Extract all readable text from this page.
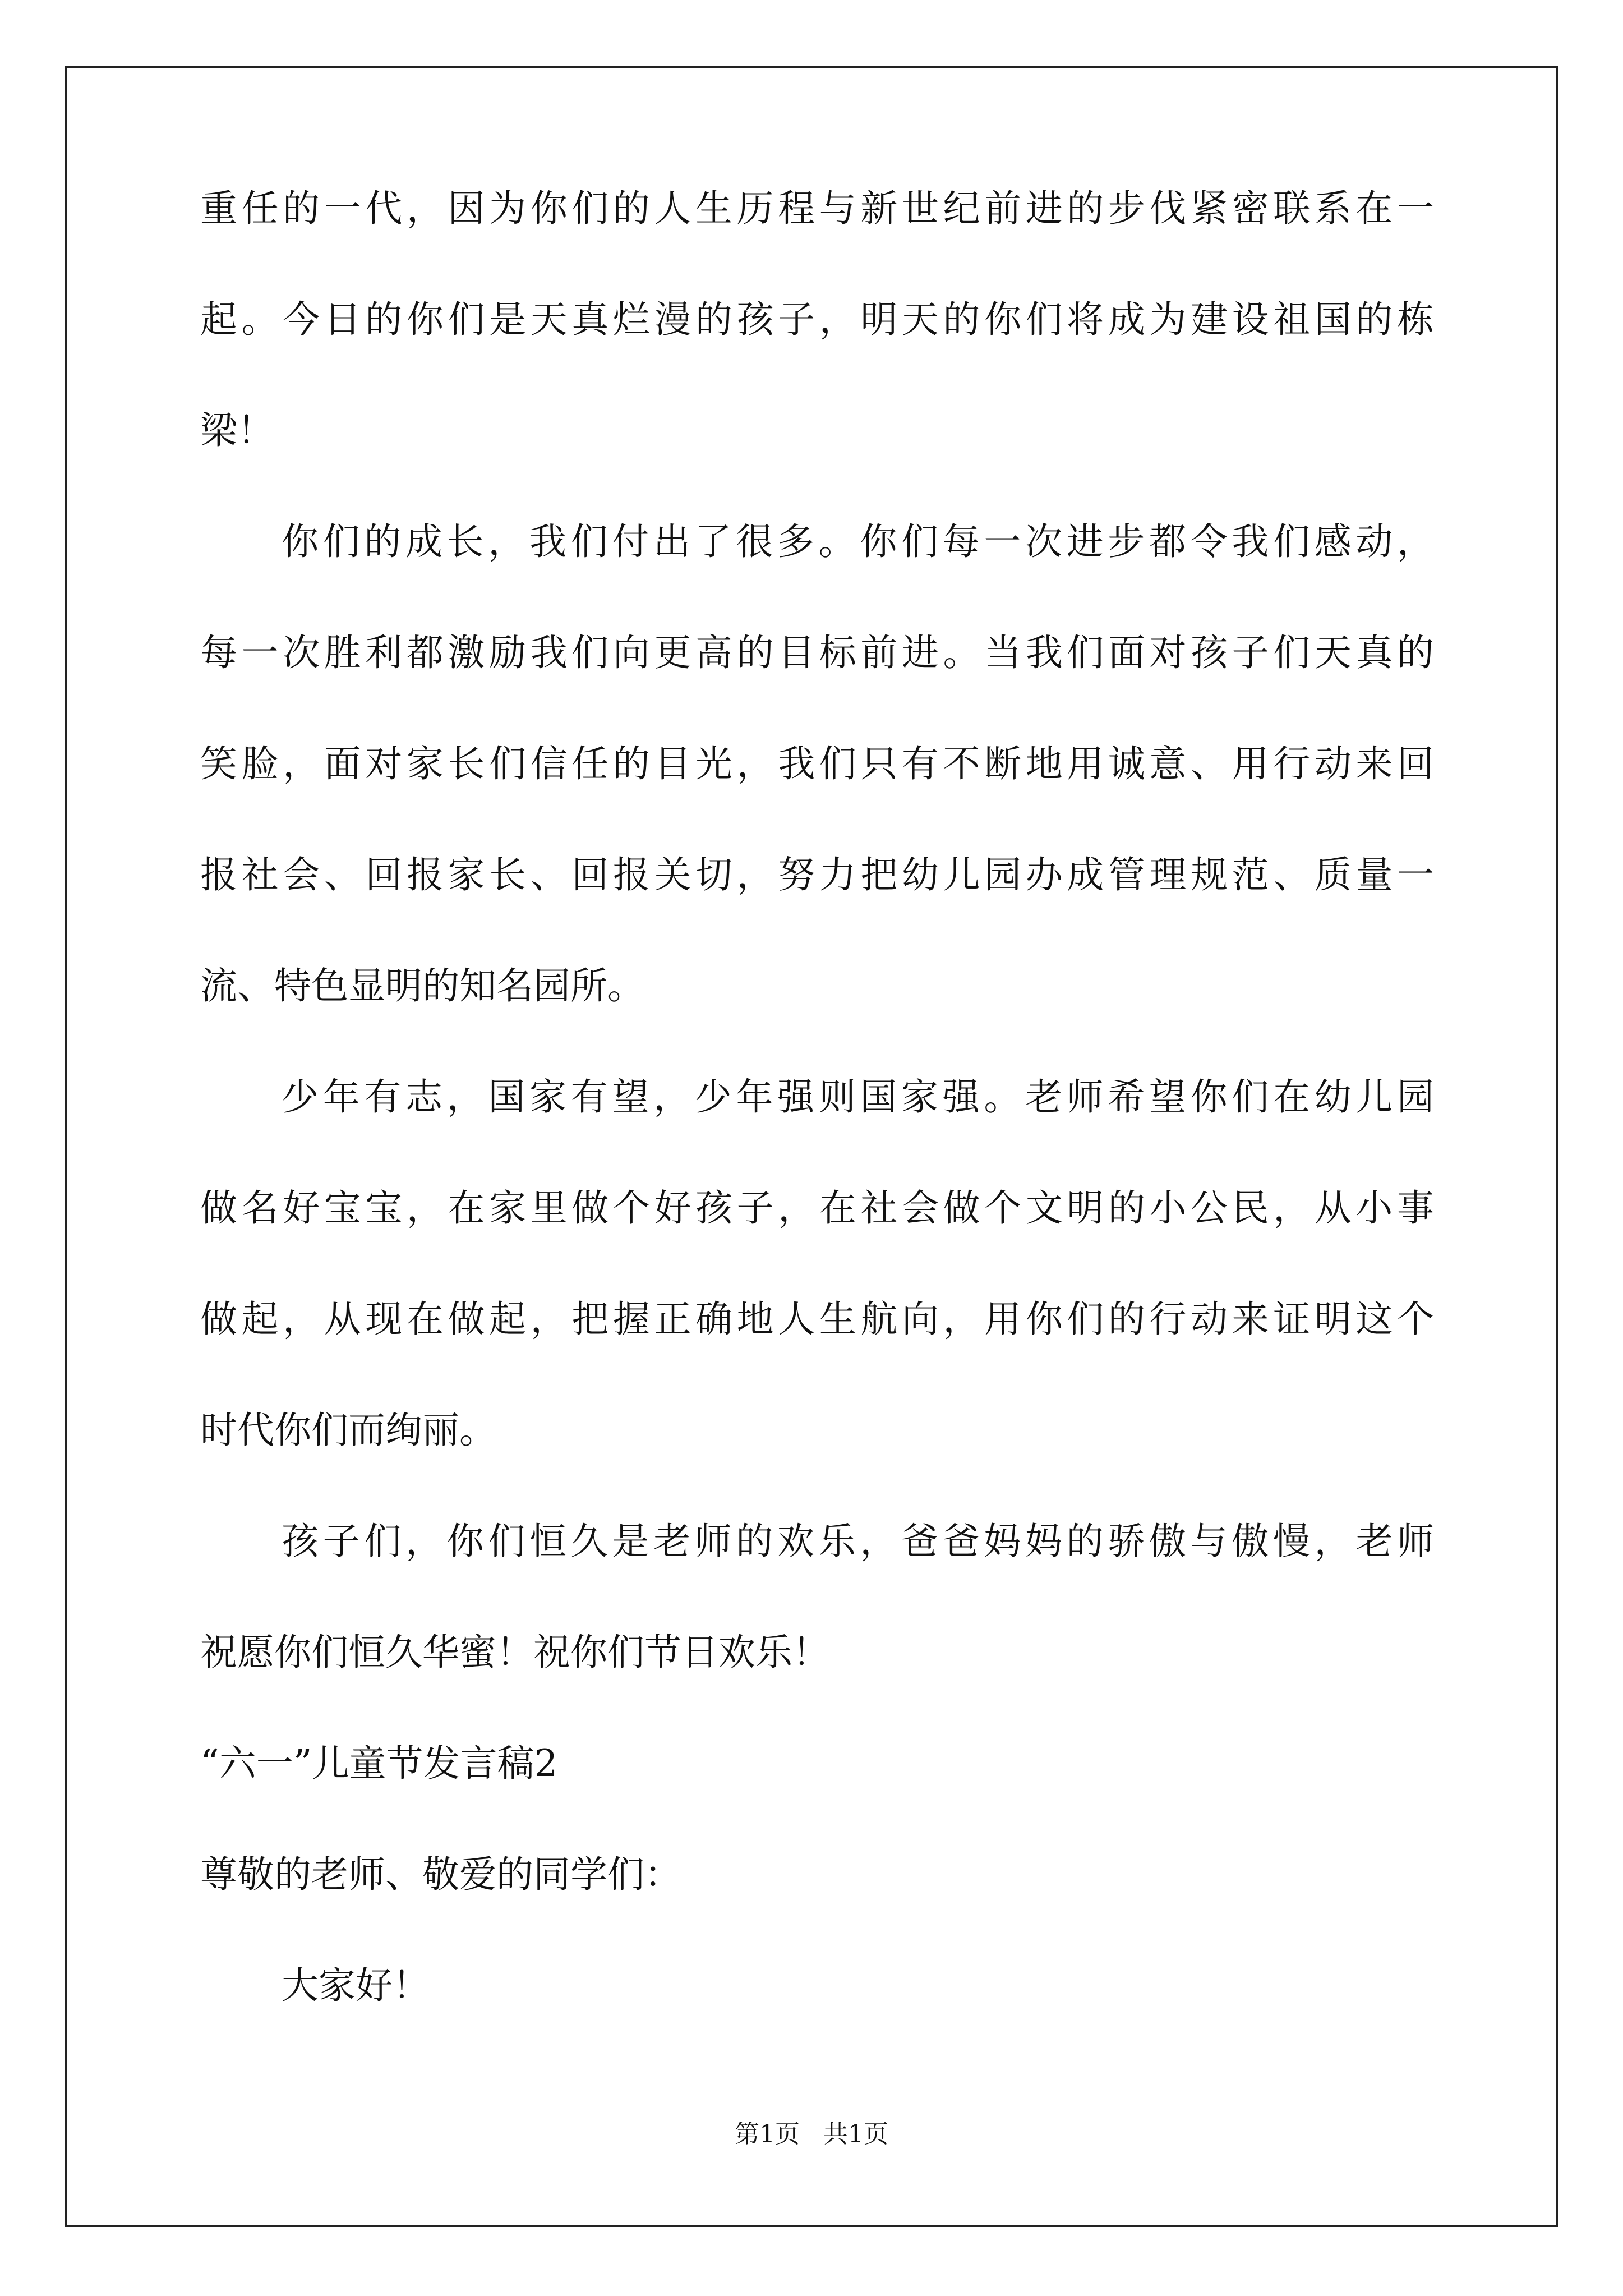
重任的一代，因为你们的人生历程与新世纪前进的步伐紧密联系在一
起。今日的你们是天真烂漫的孩子，明天的你们将成为建设祖国的栋
梁！
你们的成长，我们付出了很多。你们每一次进步都令我们感动，
每一次胜利都激励我们向更高的目标前进。当我们面对孩子们天真的
笑脸，面对家长们信任的目光，我们只有不断地用诚意、用行动来回
报社会、回报家长、回报关切，努力把幼儿园办成管理规范、质量一
流、特色显明的知名园所。
少年有志，国家有望，少年强则国家强。老师希望你们在幼儿园
做名好宝宝，在家里做个好孩子，在社会做个文明的小公民，从小事
做起，从现在做起，把握正确地人生航向，用你们的行动来证明这个
时代你们而绚丽。
孩子们，你们恒久是老师的欢乐，爸爸妈妈的骄傲与傲慢，老师
祝愿你们恒久华蜜！祝你们节日欢乐！
“六一”儿童节发言稿2
尊敬的老师、敬爱的同学们：
大家好！
第1页 共1页
